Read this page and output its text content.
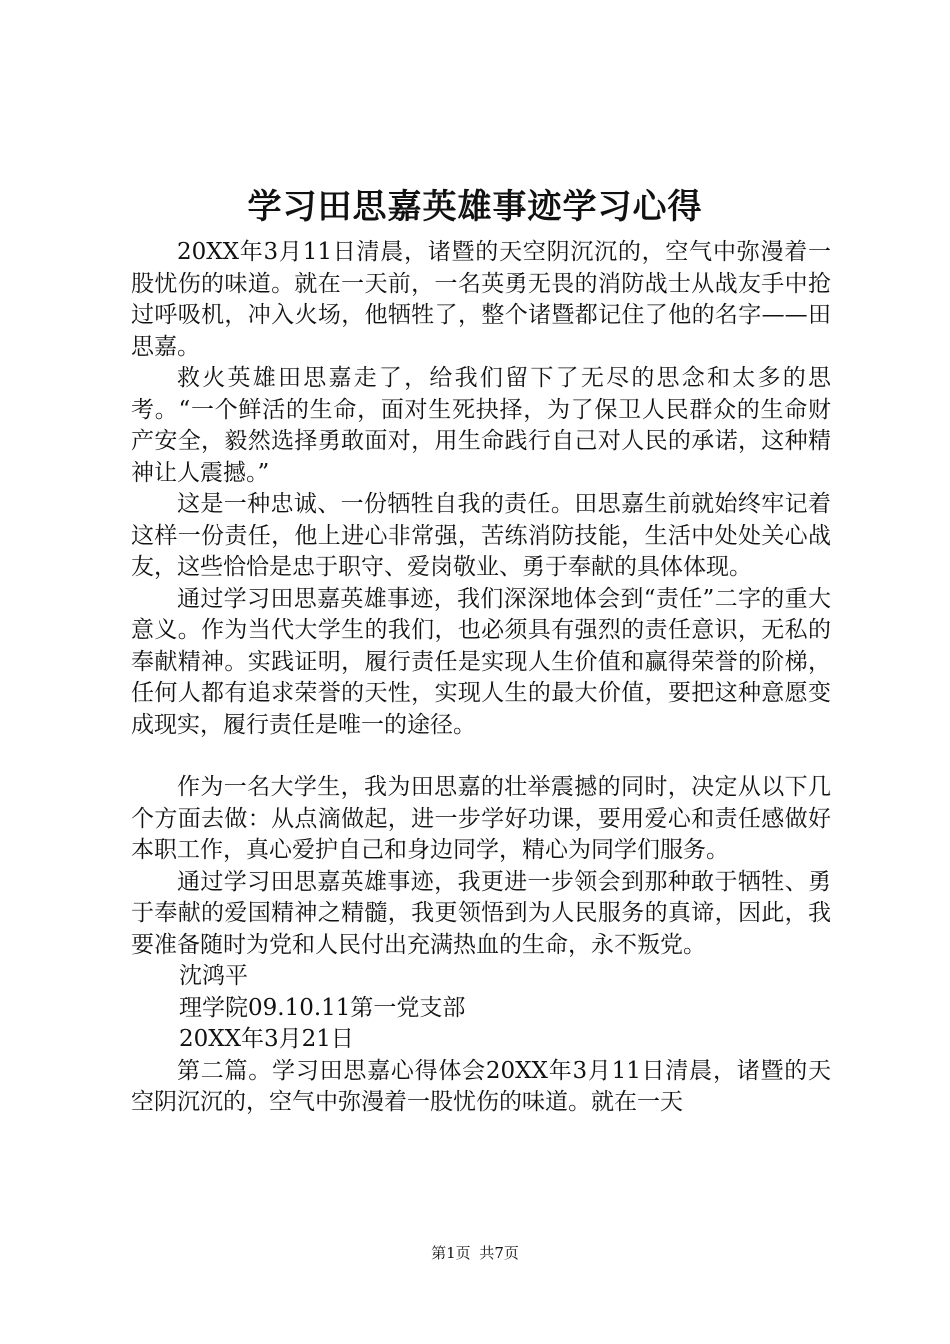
学习田思嘉英雄事迹学习心得

20XX年3月11日清晨，诸暨的天空阴沉沉的，空气中弥漫着一股忧伤的味道。就在一天前，一名英勇无畏的消防战士从战友手中抢过呼吸机，冲入火场，他牺牲了，整个诸暨都记住了他的名字——田思嘉。

救火英雄田思嘉走了，给我们留下了无尽的思念和太多的思考。“一个鲜活的生命，面对生死抉择，为了保卫人民群众的生命财产安全，毅然选择勇敢面对，用生命践行自己对人民的承诺，这种精神让人震撼。”

这是一种忠诚、一份牺牲自我的责任。田思嘉生前就始终牢记着这样一份责任，他上进心非常强，苦练消防技能，生活中处处关心战友，这些恰恰是忠于职守、爱岗敬业、勇于奉献的具体体现。

通过学习田思嘉英雄事迹，我们深深地体会到“责任”二字的重大意义。作为当代大学生的我们，也必须具有强烈的责任意识，无私的奉献精神。实践证明，履行责任是实现人生价值和赢得荣誉的阶梯，任何人都有追求荣誉的天性，实现人生的最大价值，要把这种意愿变成现实，履行责任是唯一的途径。

作为一名大学生，我为田思嘉的壮举震撼的同时，决定从以下几个方面去做：从点滴做起，进一步学好功课，要用爱心和责任感做好本职工作，真心爱护自己和身边同学，精心为同学们服务。

通过学习田思嘉英雄事迹，我更进一步领会到那种敢于牺牲、勇于奉献的爱国精神之精髓，我更领悟到为人民服务的真谛，因此，我要准备随时为党和人民付出充满热血的生命，永不叛党。

沈鸿平

理学院09.10.11第一党支部

20XX年3月21日

第二篇。学习田思嘉心得体会20XX年3月11日清晨，诸暨的天空阴沉沉的，空气中弥漫着一股忧伤的味道。就在一天

第1页 共7页
